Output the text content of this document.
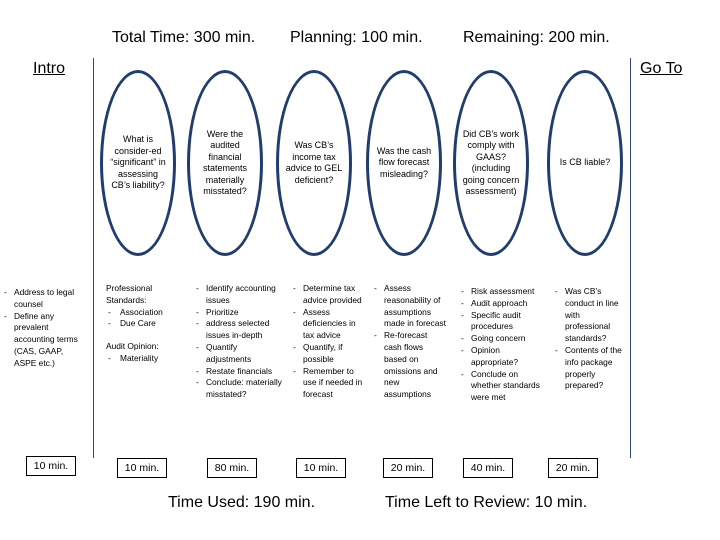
Total Time: 300 min. Planning: 100 min.	Remaining: 200 min.
Intro	Go To
What is consider-ed “significant” in assessing CB’s liability?
Were the audited financial statements materially misstated?
Was CB’s income tax advice to GEL deficient?
Was the cash flow forecast misleading?
Did CB’s work comply with GAAS? (including going concern assessment)
Is CB liable?
- Address to legal counsel
- Define any prevalent accounting terms (CAS, GAAP, ASPE etc.)

Professional Standards:

- Association
- Due Care

Audit Opinion:

- Materiality
- Identify accounting issues
- Prioritize
- address selected issues in-depth
- Quantify adjustments
- Restate financials
- Conclude: materially misstated?
- Determine tax advice provided
- Assess deficiencies in tax advice
- Quantify, if possible
- Remember to use if needed in forecast
- Assess reasonability of assumptions made in forecast
- Re-forecast cash flows based on omissions and new assumptions
- Risk assessment
- Audit approach
- Specific audit procedures
- Going concern
- Opinion appropriate?
- Conclude on whether standards were met
- Was CB’s conduct in line with professional standards?
- Contents of the info package properly prepared?
10 min.	10 min.	80 min.	10 min.	20 min.	40 min.	20 min.
Time Used: 190 min.	Time Left to Review: 10 min.
